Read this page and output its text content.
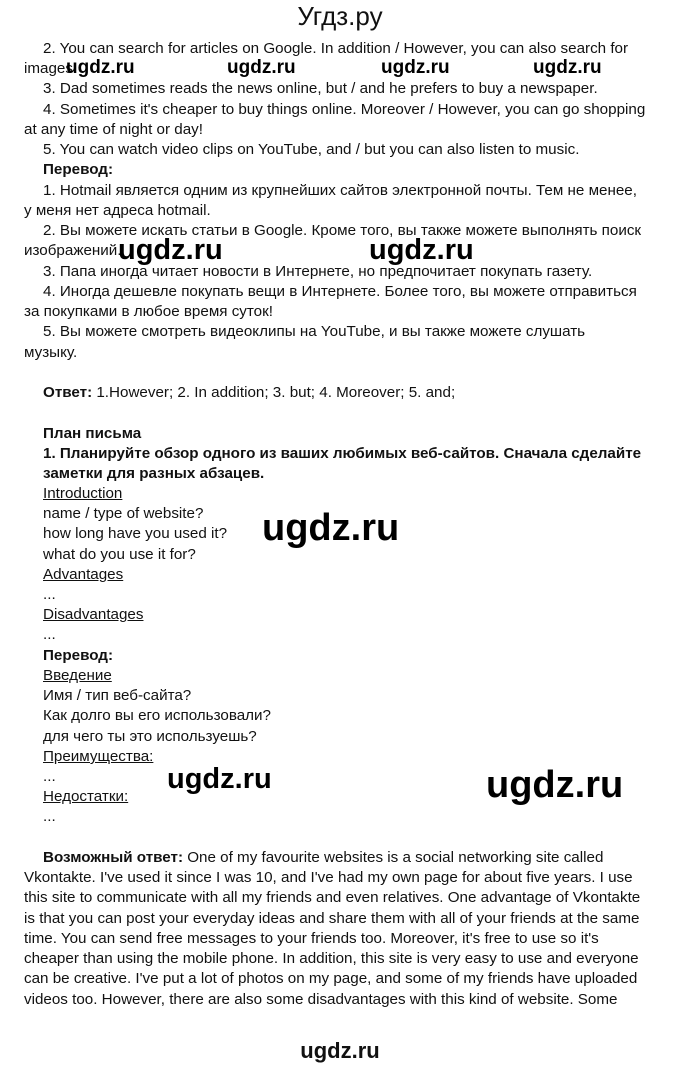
Угдз.ру
2. You can search for articles on Google. In addition / However, you can also search for
images.
3. Dad sometimes reads the news online, but / and he prefers to buy a newspaper.
4. Sometimes it's cheaper to buy things online. Moreover / However, you can go shopping
at any time of night or day!
5. You can watch video clips on YouTube, and / but you can also listen to music.
Перевод:
1. Hotmail является одним из крупнейших сайтов электронной почты. Тем не менее,
у меня нет адреса hotmail.
2. Вы можете искать статьи в Google. Кроме того, вы также можете выполнять поиск
изображений.
3. Папа иногда читает новости в Интернете, но предпочитает покупать газету.
4. Иногда дешевле покупать вещи в Интернете. Более того, вы можете отправиться
за покупками в любое время суток!
5. Вы можете смотреть видеоклипы на YouTube, и вы также можете слушать
музыку.
Ответ: 1.However; 2. In addition; 3. but; 4. Moreover; 5. and;
План письма
1. Планируйте обзор одного из ваших любимых веб-сайтов. Сначала сделайте
заметки для разных абзацев.
Introduction
name / type of website?
how long have you used it?
what do you use it for?
Advantages
...
Disadvantages
...
Перевод:
Введение
Имя / тип веб-сайта?
Как долго вы его использовали?
для чего ты это используешь?
Преимущества:
...
Недостатки:
...
Возможный ответ: One of my favourite websites is a social networking site called
Vkontakte. I've used it since I was 10, and I've had my own page for about five years. I use
this site to communicate with all my friends and even relatives. One advantage of Vkontakte
is that you can post your everyday ideas and share them with all of your friends at the same
time. You can send free messages to your friends too. Moreover, it's free to use so it's
cheaper than using the mobile phone. In addition, this site is very easy to use and everyone
can be creative. I've put a lot of photos on my page, and some of my friends have uploaded
videos too. However, there are also some disadvantages with this kind of website. Some
ugdz.ru	ugdz.ru	ugdz.ru	ugdz.ru
ugdz.ru	ugdz.ru
ugdz.ru
ugdz.ru	ugdz.ru
ugdz.ru
